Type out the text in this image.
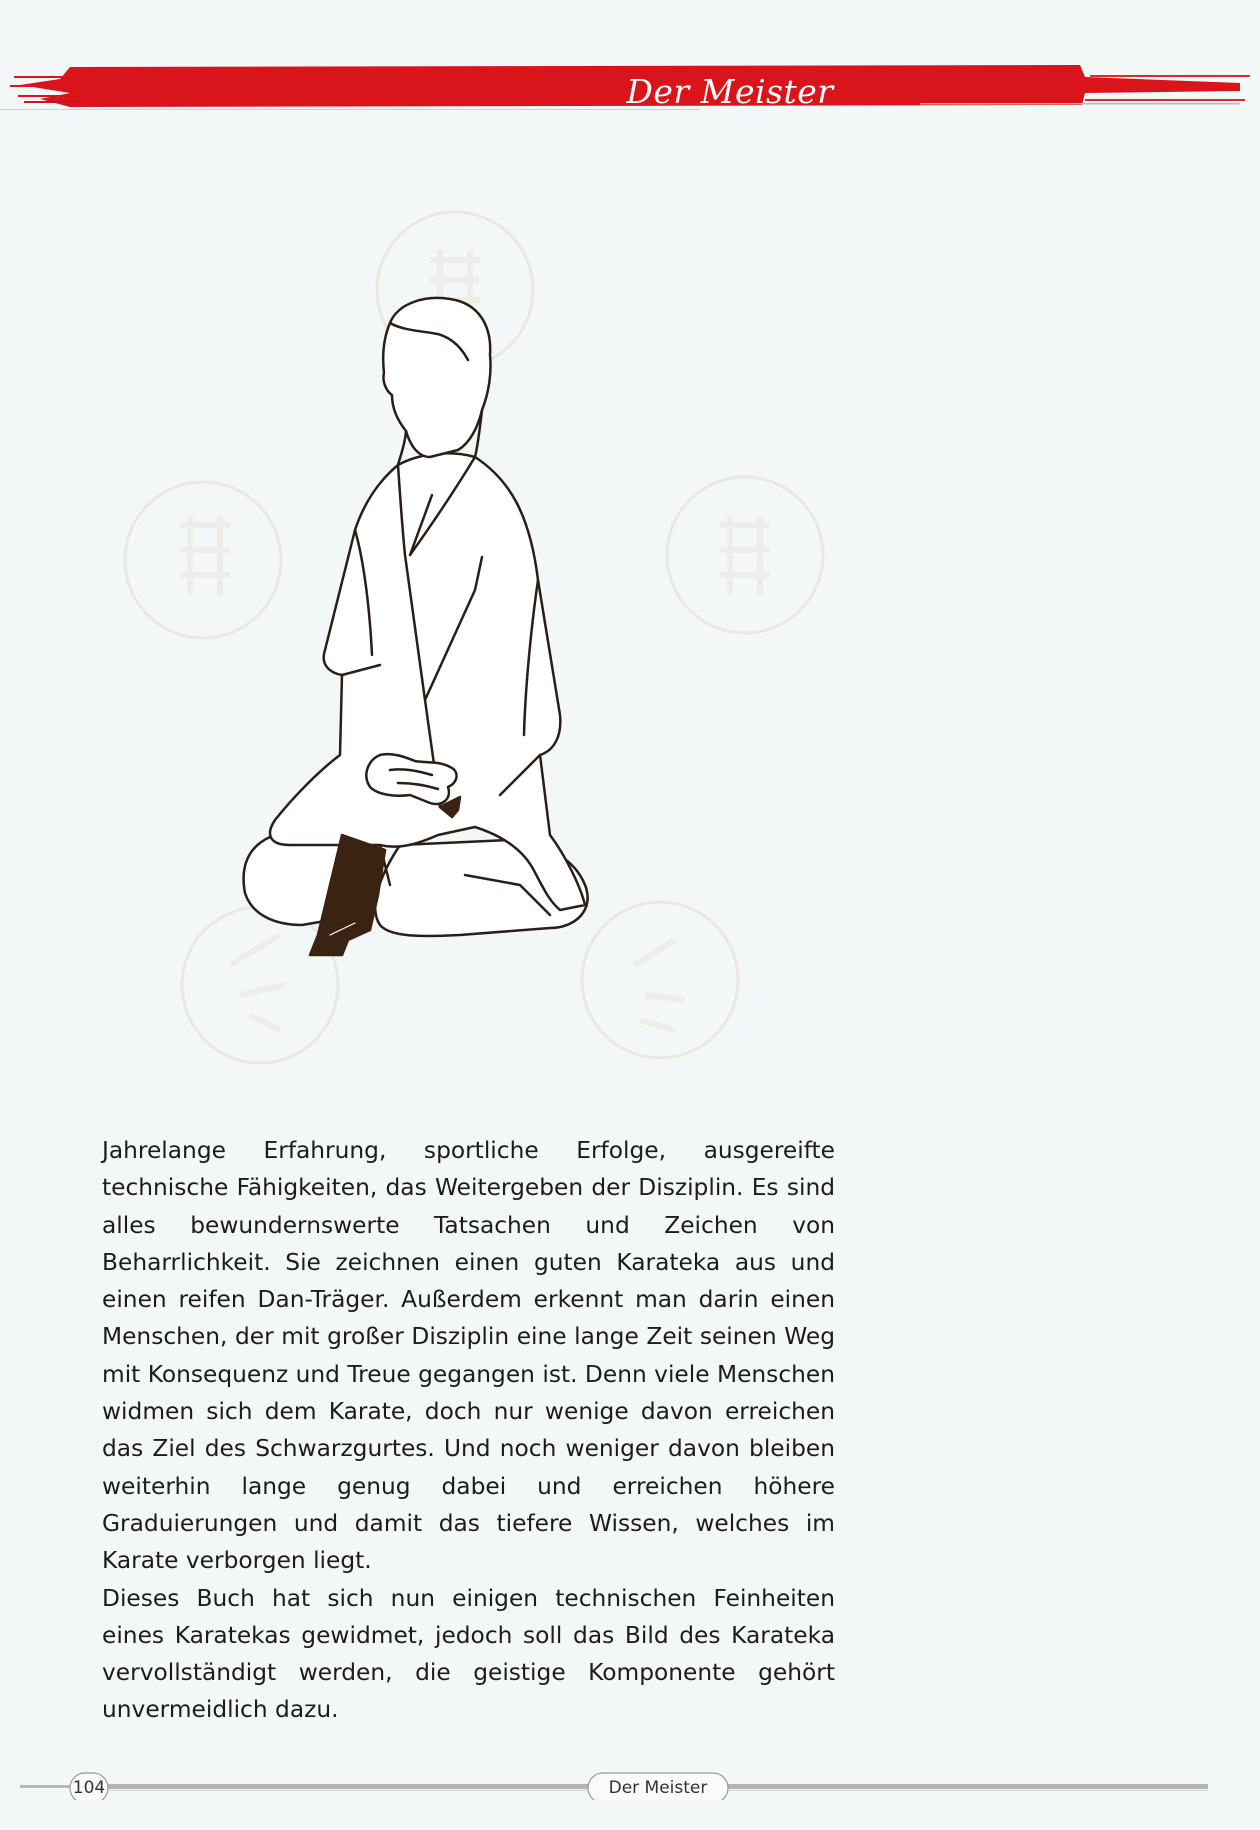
Der Meister

Jahrelange Erfahrung, sportliche Erfolge, ausgereifte technische Fähigkeiten, das Weitergeben der Disziplin. Es sind alles bewundernswerte Tatsachen und Zeichen von Beharrlichkeit. Sie zeichnen einen guten Karateka aus und einen reifen Dan-Träger. Außerdem erkennt man darin einen Menschen, der mit großer Disziplin eine lange Zeit seinen Weg mit Konsequenz und Treue gegangen ist. Denn viele Menschen widmen sich dem Karate, doch nur wenige davon erreichen das Ziel des Schwarzgurtes. Und noch weniger davon bleiben weiterhin lange genug dabei und erreichen höhere Graduierungen und damit das tiefere Wissen, welches im Karate verborgen liegt.

Dieses Buch hat sich nun einigen technischen Feinheiten eines Karatekas gewidmet, jedoch soll das Bild des Karateka vervollständigt werden, die geistige Komponente gehört unvermeidlich dazu.

104	Der Meister
